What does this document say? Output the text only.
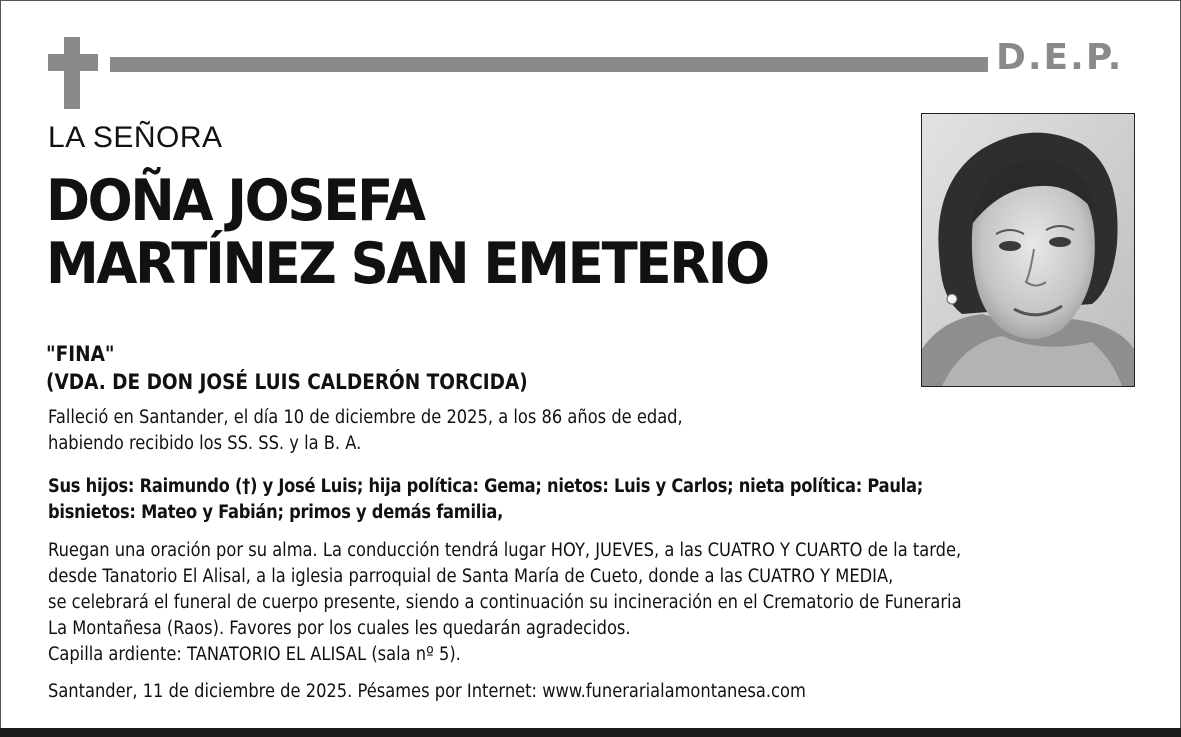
D.E.P.
LA SEÑORA
DOÑA JOSEFA
MARTÍNEZ SAN EMETERIO
"FINA"
(VDA. DE DON JOSÉ LUIS CALDERÓN TORCIDA)
Falleció en Santander, el día 10 de diciembre de 2025, a los 86 años de edad,
habiendo recibido los SS. SS. y la B. A.
Sus hijos: Raimundo (†) y José Luis; hija política: Gema; nietos: Luis y Carlos; nieta política: Paula;
bisnietos: Mateo y Fabián; primos y demás familia,
Ruegan una oración por su alma. La conducción tendrá lugar HOY, JUEVES, a las CUATRO Y CUARTO de la tarde,
desde Tanatorio El Alisal, a la iglesia parroquial de Santa María de Cueto, donde a las CUATRO Y MEDIA,
se celebrará el funeral de cuerpo presente, siendo a continuación su incineración en el Crematorio de Funeraria
La Montañesa (Raos). Favores por los cuales les quedarán agradecidos.
Capilla ardiente: TANATORIO EL ALISAL (sala nº 5).
Santander, 11 de diciembre de 2025. Pésames por Internet: www.funerarialamontanesa.com
